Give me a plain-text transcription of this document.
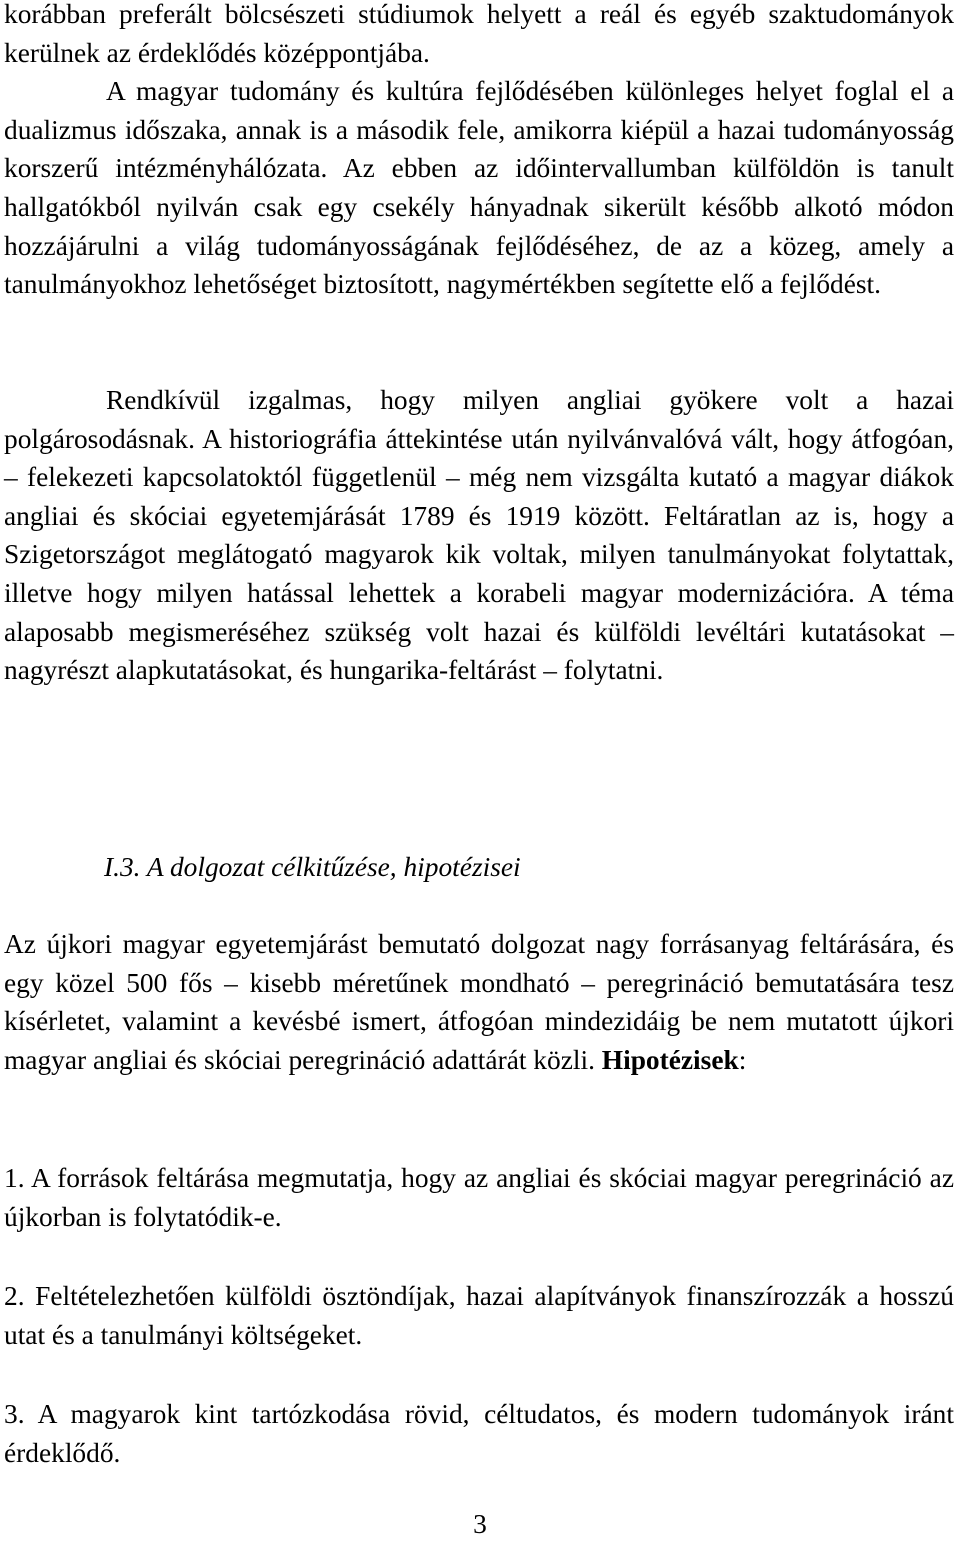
korábban preferált bölcsészeti stúdiumok helyett a reál és egyéb szaktudományok kerülnek az érdeklődés középpontjába.

A magyar tudomány és kultúra fejlődésében különleges helyet foglal el a dualizmus időszaka, annak is a második fele, amikorra kiépül a hazai tudományosság korszerű intézményhálózata. Az ebben az időintervallumban külföldön is tanult hallgatókból nyilván csak egy csekély hányadnak sikerült később alkotó módon hozzájárulni a világ tudományosságának fejlődéséhez, de az a közeg, amely a tanulmányokhoz lehetőséget biztosított, nagymértékben segítette elő a fejlődést.

Rendkívül izgalmas, hogy milyen angliai gyökere volt a hazai polgárosodásnak. A historiográfia áttekintése után nyilvánvalóvá vált, hogy átfogóan, – felekezeti kapcsolatoktól függetlenül – még nem vizsgálta kutató a magyar diákok angliai és skóciai egyetemjárását 1789 és 1919 között. Feltáratlan az is, hogy a Szigetországot meglátogató magyarok kik voltak, milyen tanulmányokat folytattak, illetve hogy milyen hatással lehettek a korabeli magyar modernizációra. A téma alaposabb megismeréséhez szükség volt hazai és külföldi levéltári kutatásokat – nagyrészt alapkutatásokat, és hungarika-feltárást – folytatni.

I.3. A dolgozat célkitűzése, hipotézisei

Az újkori magyar egyetemjárást bemutató dolgozat nagy forrásanyag feltárására, és egy közel 500 fős – kisebb méretűnek mondható – peregrináció bemutatására tesz kísérletet, valamint a kevésbé ismert, átfogóan mindezidáig be nem mutatott újkori magyar angliai és skóciai peregrináció adattárát közli. Hipotézisek:

1. A források feltárása megmutatja, hogy az angliai és skóciai magyar peregrináció az újkorban is folytatódik-e.

2. Feltételezhetően külföldi ösztöndíjak, hazai alapítványok finanszírozzák a hosszú utat és a tanulmányi költségeket.

3. A magyarok kint tartózkodása rövid, céltudatos, és modern tudományok iránt érdeklődő.

3
